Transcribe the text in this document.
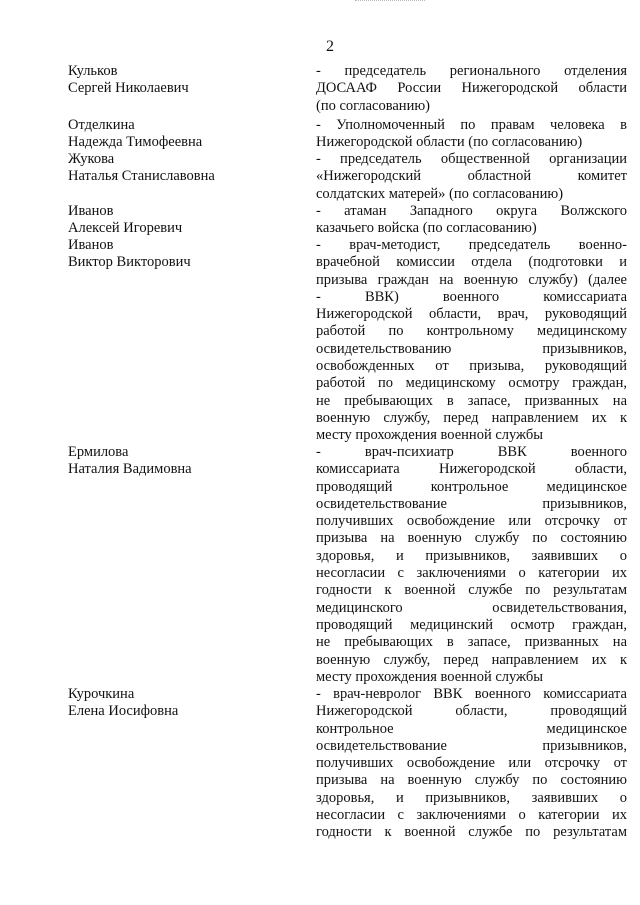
2
Кульков
Сергей Николаевич
- председатель регионального отделения
ДОСААФ России Нижегородской области
(по согласованию)
Отделкина
Надежда Тимофеевна
- Уполномоченный по правам человека в
Нижегородской области (по согласованию)
Жукова
Наталья Станиславовна
- председатель общественной организации
«Нижегородский областной комитет
солдатских матерей» (по согласованию)
Иванов
Алексей Игоревич
- атаман Западного округа Волжского
казачьего войска (по согласованию)
Иванов
Виктор Викторович
- врач-методист, председатель военно-
врачебной комиссии отдела (подготовки и
призыва граждан на военную службу) (далее
- ВВК) военного комиссариата
Нижегородской области, врач, руководящий
работой по контрольному медицинскому
освидетельствованию призывников,
освобожденных от призыва, руководящий
работой по медицинскому осмотру граждан,
не пребывающих в запасе, призванных на
военную службу, перед направлением их к
месту прохождения военной службы
Ермилова
Наталия Вадимовна
- врач-психиатр ВВК военного
комиссариата Нижегородской области,
проводящий контрольное медицинское
освидетельствование призывников,
получивших освобождение или отсрочку от
призыва на военную службу по состоянию
здоровья, и призывников, заявивших о
несогласии с заключениями о категории их
годности к военной службе по результатам
медицинского освидетельствования,
проводящий медицинский осмотр граждан,
не пребывающих в запасе, призванных на
военную службу, перед направлением их к
месту прохождения военной службы
Курочкина
Елена Иосифовна
- врач-невролог ВВК военного комиссариата
Нижегородской области, проводящий
контрольное медицинское
освидетельствование призывников,
получивших освобождение или отсрочку от
призыва на военную службу по состоянию
здоровья, и призывников, заявивших о
несогласии с заключениями о категории их
годности к военной службе по результатам
